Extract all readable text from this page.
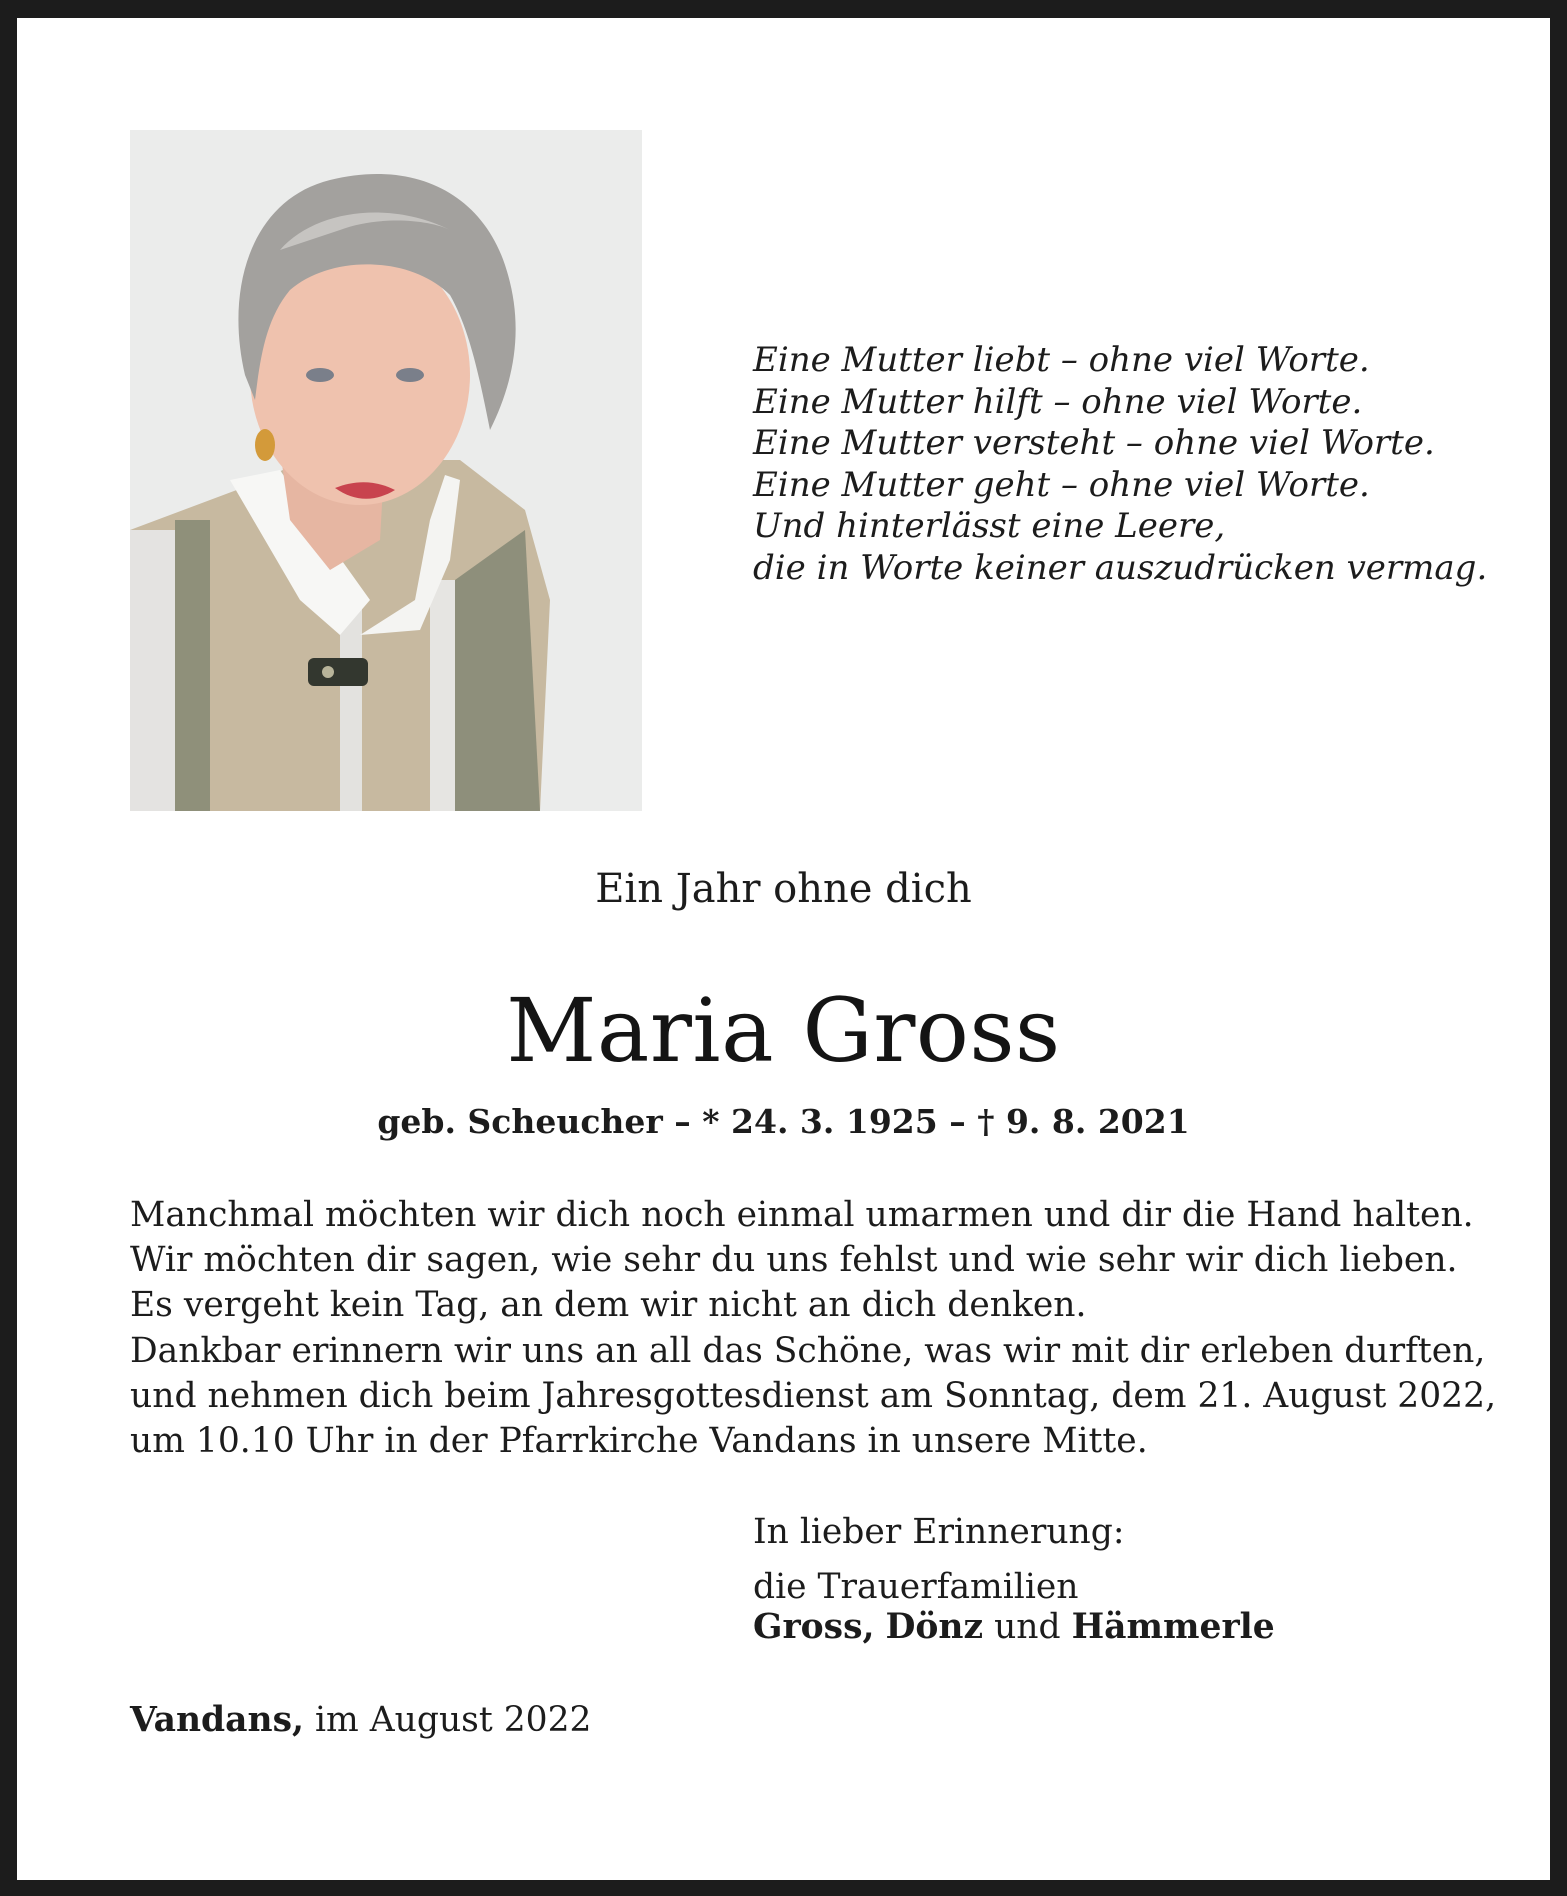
Eine Mutter liebt – ohne viel Worte.
Eine Mutter hilft – ohne viel Worte.
Eine Mutter versteht – ohne viel Worte.
Eine Mutter geht – ohne viel Worte.
Und hinterlässt eine Leere,
die in Worte keiner auszudrücken vermag.
Ein Jahr ohne dich
Maria Gross
geb. Scheucher – * 24. 3. 1925 – † 9. 8. 2021
Manchmal möchten wir dich noch einmal umarmen und dir die Hand halten.
Wir möchten dir sagen, wie sehr du uns fehlst und wie sehr wir dich lieben.
Es vergeht kein Tag, an dem wir nicht an dich denken.
Dankbar erinnern wir uns an all das Schöne, was wir mit dir erleben durften,
und nehmen dich beim Jahresgottesdienst am Sonntag, dem 21. August 2022,
um 10.10 Uhr in der Pfarrkirche Vandans in unsere Mitte.
In lieber Erinnerung:
die Trauerfamilien
Gross, Dönz und Hämmerle
Vandans, im August 2022
